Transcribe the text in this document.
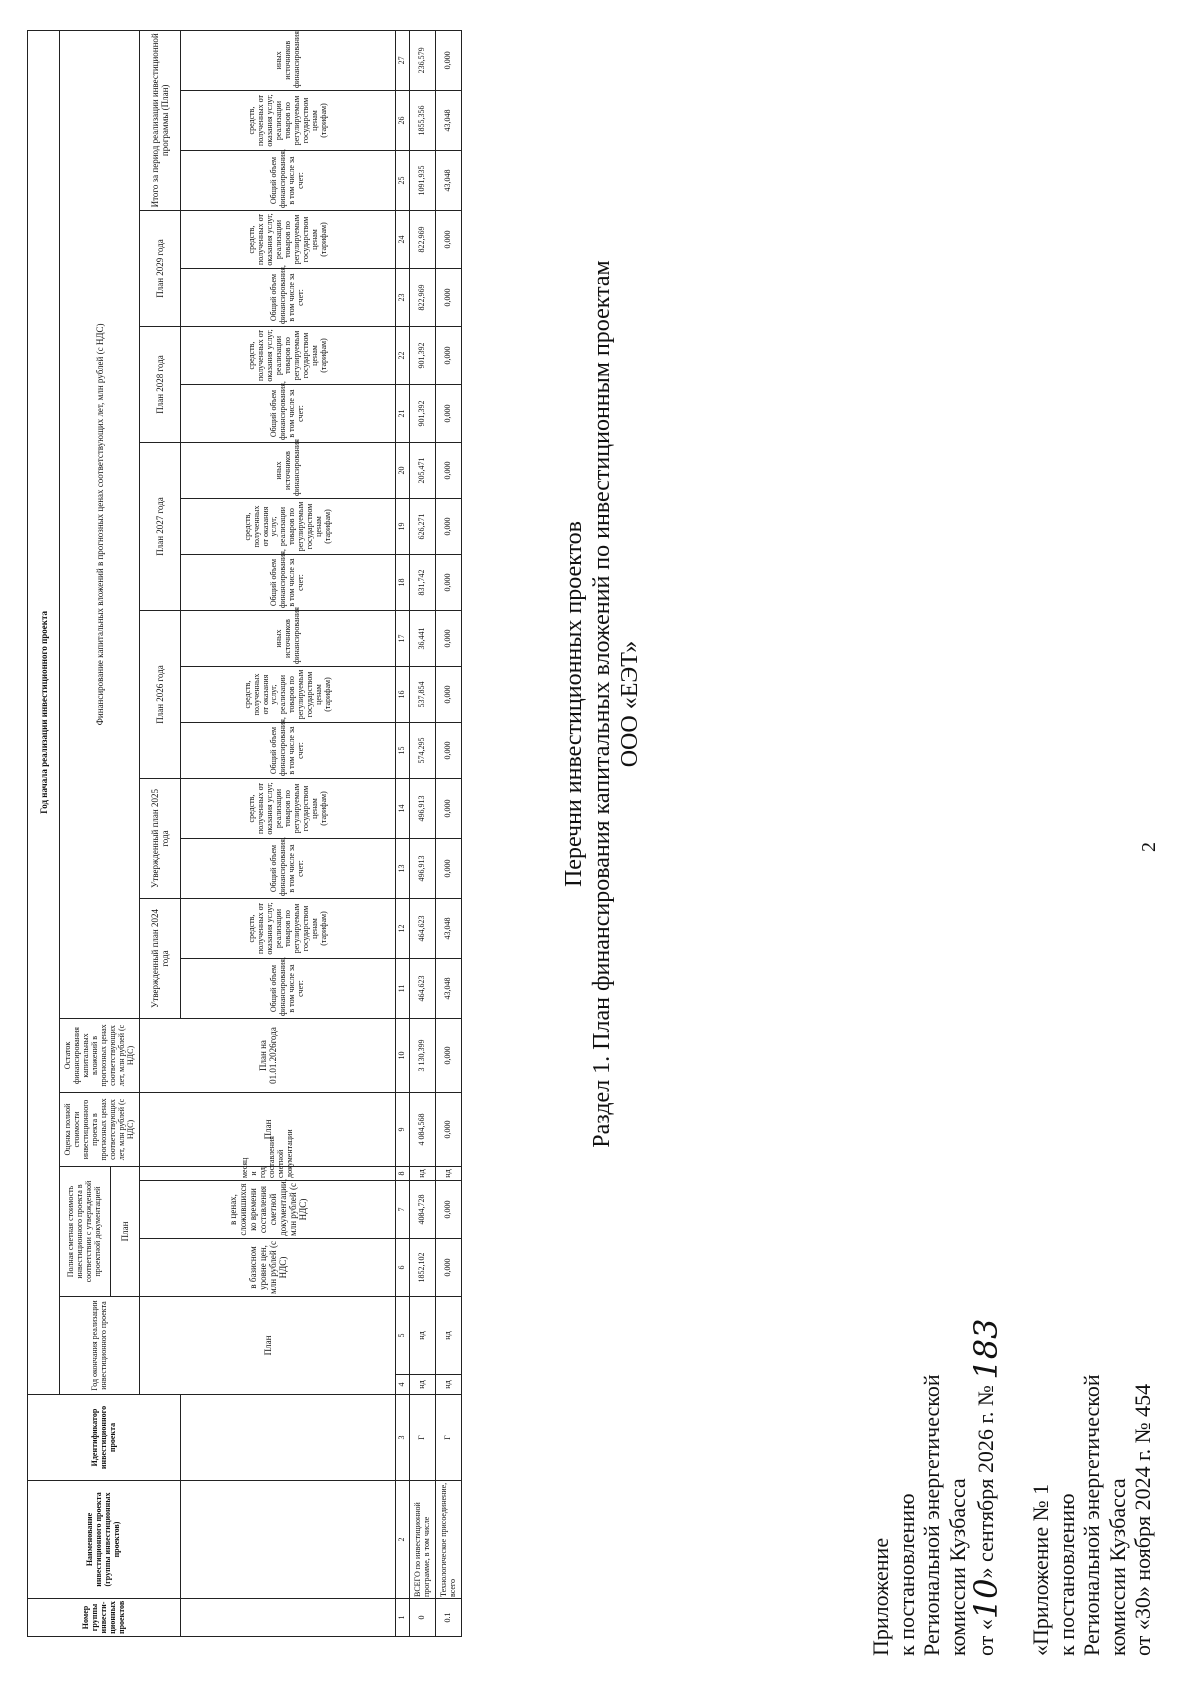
2
Приложение к постановлению Региональной энергетической комиссии Кузбасса от «10» сентября 2026 г. № 183
«Приложение № 1 к постановлению Региональной энергетической комиссии Кузбасса от «30» ноября 2024 г. № 454
Перечни инвестиционных проектов Раздел 1. План финансирования капитальных вложений по инвестиционным проектам ООО «ЕЭТ»
Номер группы инвести-ционных проектов	Наименование инвестиционного проекта (группы инвестиционных проектов)	Идентификатор инвестиционного проекта	Год начала реализации инвестиционного проекта																							
			Год окончания реализации инвестиционного проекта		Полная сметная стоимость инвестиционного проекта в соответствии с утвержденной проектной документацией			Оценка полной стоимости инвестиционного проекта в прогнозных ценах соответствующих лет, млн рублей (с НДС)	Остаток финансирования капитальных вложений в прогнозных ценах соответствующих лет, млн рублей (с НДС)	Финансирование капитальных вложений в прогнозных ценах соответствующих лет, млн рублей (с НДС)																
					План																					
			План		в базисном уровне цен, млн рублей (с НДС)	в ценах, сложившихся ко времени составления сметной документации, млн рублей (с НДС)	месяц и год составления сметной документации	План	План на 01.01.2026года	Утвержденный план 2024 года		Утвержденный план 2025 года		План 2026 года			План 2027 года			План 2028 года		План 2029 года		Итого за период реализации инвестиционной программы (План)		
										Общий объем финансирования, в том числе за счет:	средств, полученных от оказания услуг, реализации товаров по регулируемым государством ценам (тарифам)	Общий объем финансирования, в том числе за счет:	средств, полученных от оказания услуг, реализации товаров по регулируемым государством ценам (тарифам)	Общий объем финансирования, в том числе за счет:	средств, полученных от оказания услуг, реализации товаров по регулируемым государством ценам (тарифам)	иных источников финансирования	Общий объем финансирования, в том числе за счет:	средств, полученных от оказания услуг, реализации товаров по регулируемым государством ценам (тарифам)	иных источников финансирования	Общий объем финансирования, в том числе за счет:	средств, полученных от оказания услуг, реализации товаров по регулируемым государством ценам (тарифам)	Общий объем финансирования, в том числе за счет:	средств, полученных от оказания услуг, реализации товаров по регулируемым государством ценам (тарифам)	Общий объем финансирования, в том числе за счет:	средств, полученных от оказания услуг, реализации товаров по регулируемым государством ценам (тарифам)	иных источников финансирования
1	2	3	4	5	6	7	8	9	10	11	12	13	14	15	16	17	18	19	20	21	22	23	24	25	26	27
0	ВСЕГО по инвестиционной программе, в том числе	Г	нд	нд	1852,102	4084,728	нд	4 084,568	3 130,399	464,623	464,623	496,913	496,913	574,295	537,854	36,441	831,742	626,271	205,471	901,392	901,392	822,969	822,969	1091,935	1855,356	236,579
0.1	Технологическое присоединение, всего	Г	нд	нд	0,000	0,000	нд	0,000	0,000	43,048	43,048	0,000	0,000	0,000	0,000	0,000	0,000	0,000	0,000	0,000	0,000	0,000	0,000	43,048	43,048	0,000
